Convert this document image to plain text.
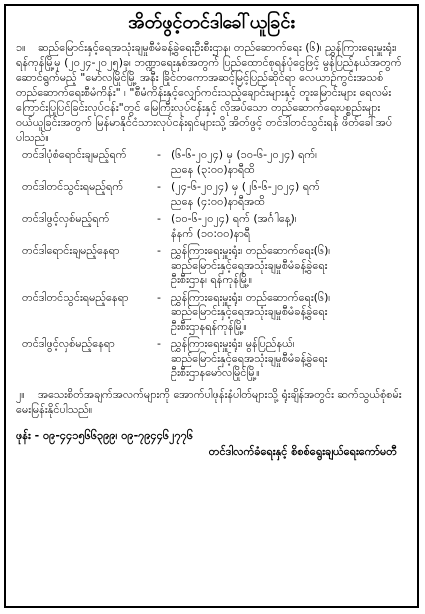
အိတ်ဖွင့်တင်ဒါခေါ်ယူခြင်း

၁။ ဆည်မြောင်းနှင့်ရေအသုံးချမှုစီမံခန့်ခွဲရေးဦးစီးဌာန၊ တည်ဆောက်ရေး (၆)၊ ညွှန်ကြားရေးမှူးရုံး၊ ရန်ကုန်မြို့မှ (၂၀၂၄-၂၀၂၅)ခု၊ ဘဏ္ဍာရေးနှစ်အတွက် ပြည်ထောင်စုရန်ပုံငွေဖြင့် မွန်ပြည်နယ်အတွက် ဆောင်ရွက်မည့် "မော်လမြိုင်မြို့ အနီး ခြိုင်တကောအဆင့်မြင့်ပြည်ဆိုင်ရာ လေယာဉ်ကွင်းအသစ် တည်ဆောက်ရေးစီမံကိန်း" ၊ "စီမံကိန်းနှင့်လျှော်ကင်းသည့်ချောင်းများနှင့် တူးမြောင်းများ ရေလမ်းကြောင်းပြုပြင်ခြင်းလုပ်ငန်း"တွင် မြေကြီးလုပ်ငန်းနှင့် လိုအပ်သော တည်ဆောက်ရေးပစ္စည်းများ ဝယ်ယူခြင်းအတွက် မြန်မာနိုင်ငံသားလုပ်ငန်းရှင်များသို့ အိတ်ဖွင့် တင်ဒါတင်သွင်းရန် ဖိတ်ခေါ်အပ်ပါသည်။

တင်ဒါပုံစံရောင်းချမည့်ရက်	- (၆-၆-၂၀၂၄) မှ (၁၀-၆-၂၀၂၄) ရက်၊
ညနေ (၃:၀၀)နာရီထိ
တင်ဒါတင်သွင်းရမည့်ရက်	- (၂၄-၆-၂၀၂၄) မှ (၂၆-၆-၂၀၂၄) ရက်
ညနေ (၄:၀၀)နာရီအထိ
တင်ဒါဖွင့်လှစ်မည့်ရက်	- (၁၀-၆-၂၀၂၄) ရက် (အင်္ဂါနေ့)၊
နံနက် (၁၀:၀၀)နာရီ
တင်ဒါရောင်းချမည့်နေရာ	- ညွှန်ကြားရေးမှူးရုံး၊ တည်ဆောက်ရေး(၆)၊
ဆည်မြောင်းနှင့်ရေအသုံးချမှုစီမံခန့်ခွဲရေး
ဦးစီးဌာန၊ ရန်ကုန်မြို့။
တင်ဒါတင်သွင်းရမည့်နေရာ	- ညွှန်ကြားရေးမှူးရုံး၊ တည်ဆောက်ရေး(၆)၊
ဆည်မြောင်းနှင့်ရေအသုံးချမှုစီမံခန့်ခွဲရေး
ဦးစီးဌာနရန်ကုန်မြို့။
တင်ဒါဖွင့်လှစ်မည့်နေရာ	- ညွှန်ကြားရေးမှူးရုံး၊ မွန်ပြည်နယ်၊
ဆည်မြောင်းနှင့်ရေအသုံးချမှုစီမံခန့်ခွဲရေး
ဦးစီးဌာနမော်လမြိုင်မြို့။

၂။ အသေးစိတ်အချက်အလက်များကို အောက်ပါဖုန်းနံပါတ်များသို့ ရုံးချိန်အတွင်း ဆက်သွယ်စုံစမ်း မေးမြန်းနိုင်ပါသည်။

ဖုန်း - ၀၉-၄၄၁၅၆၆၃၉၉၊ ၀၉-၇၉၄၄၆၂၇၇၆
တင်ဒါလက်ခံရေးနှင့် စိစစ်ရွေးချယ်ရေးကော်မတီ
